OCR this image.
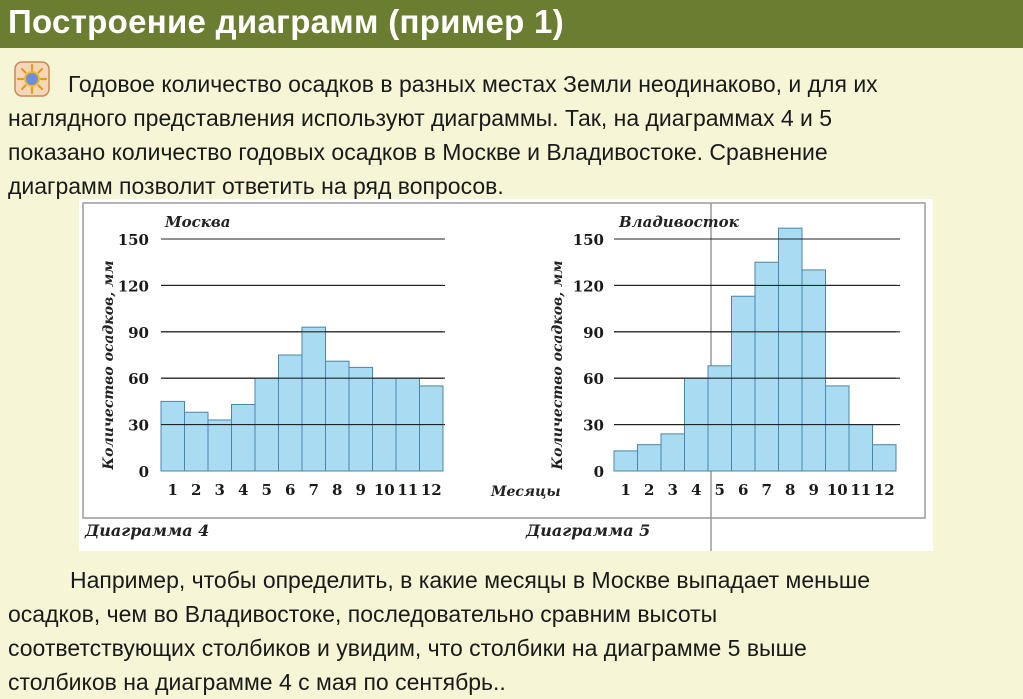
Построение диаграмм (пример 1)
Годовое количество осадков в разных местах Земли неодинаково, и для их
наглядного представления используют диаграммы. Так, на диаграммах 4 и 5
показано количество годовых осадков в Москве и Владивостоке. Сравнение
диаграмм позволит ответить на ряд вопросов.
0
30
60
90
120
150
1 2 3 4 5 6 7 8 9 10 11 12
Количество осадков, мм
Москва
Диаграмма 4
0
30
60
90
120
150
1 2 3 4 5 6 7 8 9 10 11 12
Количество осадков, мм
Владивосток
Месяцы
Диаграмма 5
Например, чтобы определить, в какие месяцы в Москве выпадает меньше
осадков, чем во Владивостоке, последовательно сравним высоты
соответствующих столбиков и увидим, что столбики на диаграмме 5 выше
столбиков на диаграмме 4 с мая по сентябрь..
